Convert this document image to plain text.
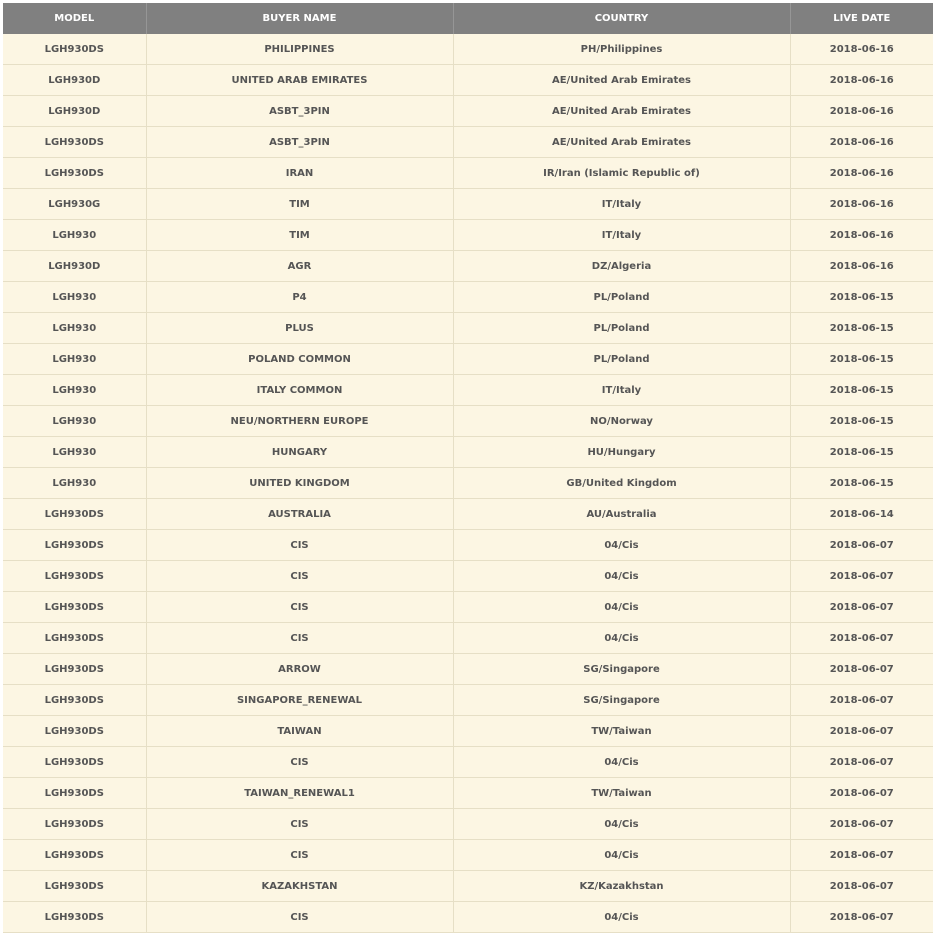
MODEL	BUYER NAME	COUNTRY	LIVE DATE
LGH930DS	PHILIPPINES	PH/Philippines	2018-06-16
LGH930D	UNITED ARAB EMIRATES	AE/United Arab Emirates	2018-06-16
LGH930D	ASBT_3PIN	AE/United Arab Emirates	2018-06-16
LGH930DS	ASBT_3PIN	AE/United Arab Emirates	2018-06-16
LGH930DS	IRAN	IR/Iran (Islamic Republic of)	2018-06-16
LGH930G	TIM	IT/Italy	2018-06-16
LGH930	TIM	IT/Italy	2018-06-16
LGH930D	AGR	DZ/Algeria	2018-06-16
LGH930	P4	PL/Poland	2018-06-15
LGH930	PLUS	PL/Poland	2018-06-15
LGH930	POLAND COMMON	PL/Poland	2018-06-15
LGH930	ITALY COMMON	IT/Italy	2018-06-15
LGH930	NEU/NORTHERN EUROPE	NO/Norway	2018-06-15
LGH930	HUNGARY	HU/Hungary	2018-06-15
LGH930	UNITED KINGDOM	GB/United Kingdom	2018-06-15
LGH930DS	AUSTRALIA	AU/Australia	2018-06-14
LGH930DS	CIS	04/Cis	2018-06-07
LGH930DS	CIS	04/Cis	2018-06-07
LGH930DS	CIS	04/Cis	2018-06-07
LGH930DS	CIS	04/Cis	2018-06-07
LGH930DS	ARROW	SG/Singapore	2018-06-07
LGH930DS	SINGAPORE_RENEWAL	SG/Singapore	2018-06-07
LGH930DS	TAIWAN	TW/Taiwan	2018-06-07
LGH930DS	CIS	04/Cis	2018-06-07
LGH930DS	TAIWAN_RENEWAL1	TW/Taiwan	2018-06-07
LGH930DS	CIS	04/Cis	2018-06-07
LGH930DS	CIS	04/Cis	2018-06-07
LGH930DS	KAZAKHSTAN	KZ/Kazakhstan	2018-06-07
LGH930DS	CIS	04/Cis	2018-06-07
